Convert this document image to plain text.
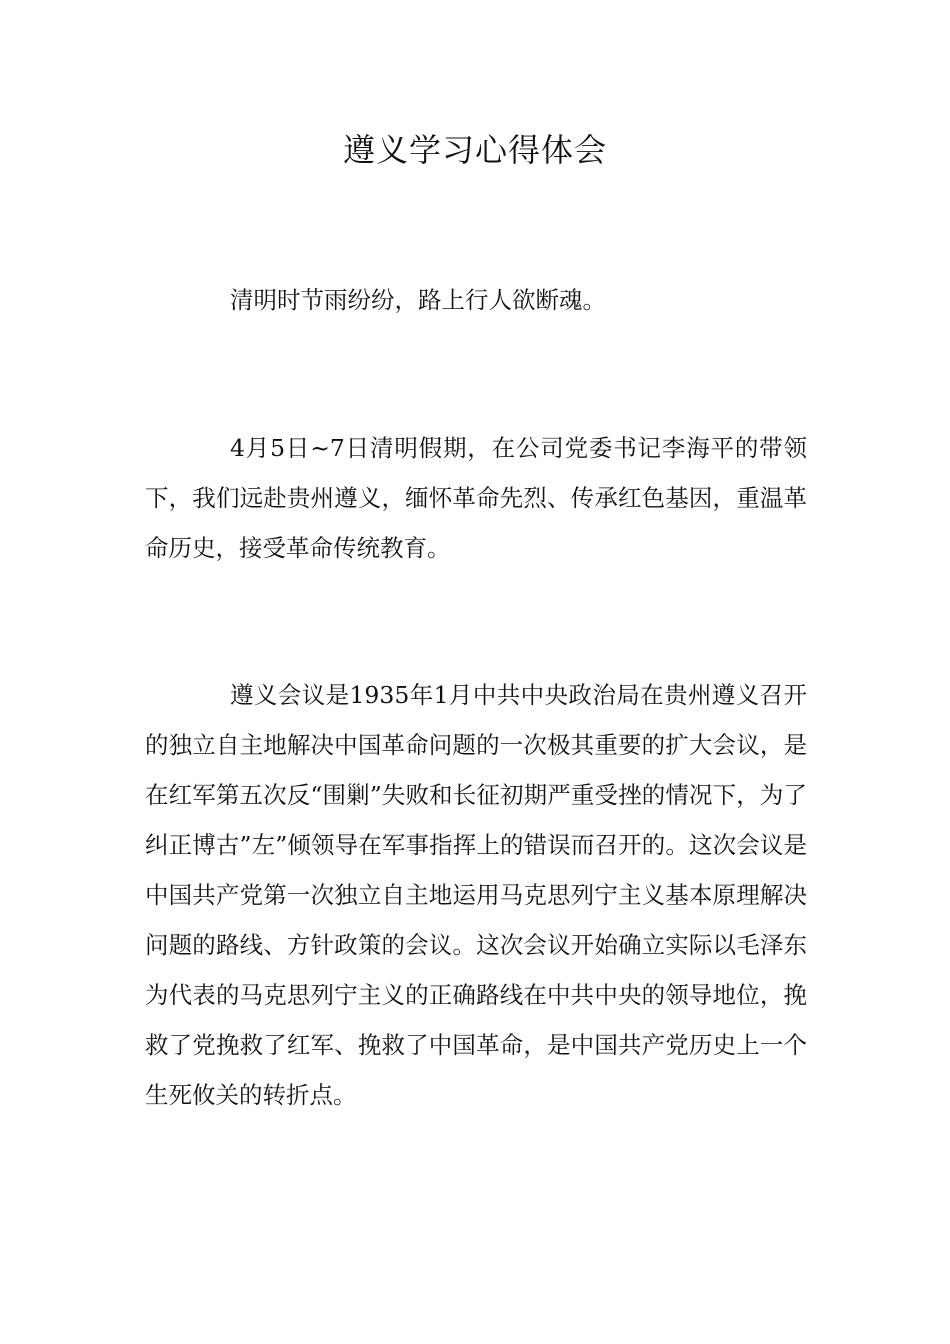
遵义学习心得体会

清明时节雨纷纷，路上行人欲断魂。

4月5日~7日清明假期，在公司党委书记李海平的带领下，我们远赴贵州遵义，缅怀革命先烈、传承红色基因，重温革命历史，接受革命传统教育。

遵义会议是1935年1月中共中央政治局在贵州遵义召开的独立自主地解决中国革命问题的一次极其重要的扩大会议，是在红军第五次反“围剿”失败和长征初期严重受挫的情况下，为了纠正博古”左”倾领导在军事指挥上的错误而召开的。这次会议是中国共产党第一次独立自主地运用马克思列宁主义基本原理解决问题的路线、方针政策的会议。这次会议开始确立实际以毛泽东为代表的马克思列宁主义的正确路线在中共中央的领导地位，挽救了党挽救了红军、挽救了中国革命，是中国共产党历史上一个生死攸关的转折点。
